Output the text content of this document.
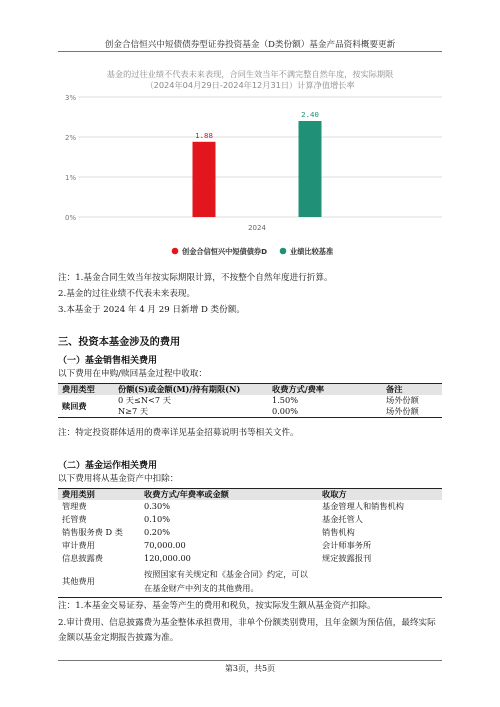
创金合信恒兴中短债债券型证券投资基金（D类份额）基金产品资料概要更新
基金的过往业绩不代表未来表现，合同生效当年不满完整自然年度，按实际期限
（2024年04月29日-2024年12月31日）计算净值增长率
0%
1%
2%
3%
1.88
2.40
2024
创金合信恒兴中短债债券D	业绩比较基准
注：1.基金合同生效当年按实际期限计算，不按整个自然年度进行折算。
2.基金的过往业绩不代表未来表现。
3.本基金于 2024 年 4 月 29 日新增 D 类份额。
三、投资本基金涉及的费用
（一）基金销售相关费用
以下费用在申购/赎回基金过程中收取：
费用类型	份额(S)或金额(M)/持有期限(N)	收费方式/费率	备注
赎回费	0 天≤N<7 天	1.50%	场外份额
	N≥7 天	0.00%	场外份额
注：特定投资群体适用的费率详见基金招募说明书等相关文件。
（二）基金运作相关费用
以下费用将从基金资产中扣除：
费用类别	收费方式/年费率或金额	收取方
管理费	0.30%	基金管理人和销售机构
托管费	0.10%	基金托管人
销售服务费 D 类	0.20%	销售机构
审计费用	70,000.00	会计师事务所
信息披露费	120,000.00	规定披露报刊
其他费用	按照国家有关规定和《基金合同》约定，可以在基金财产中列支的其他费用。	
注：1.本基金交易证券、基金等产生的费用和税负，按实际发生额从基金资产扣除。
2.审计费用、信息披露费为基金整体承担费用，非单个份额类别费用，且年金额为预估值，最终实际金额以基金定期报告披露为准。
第3页，共5页
